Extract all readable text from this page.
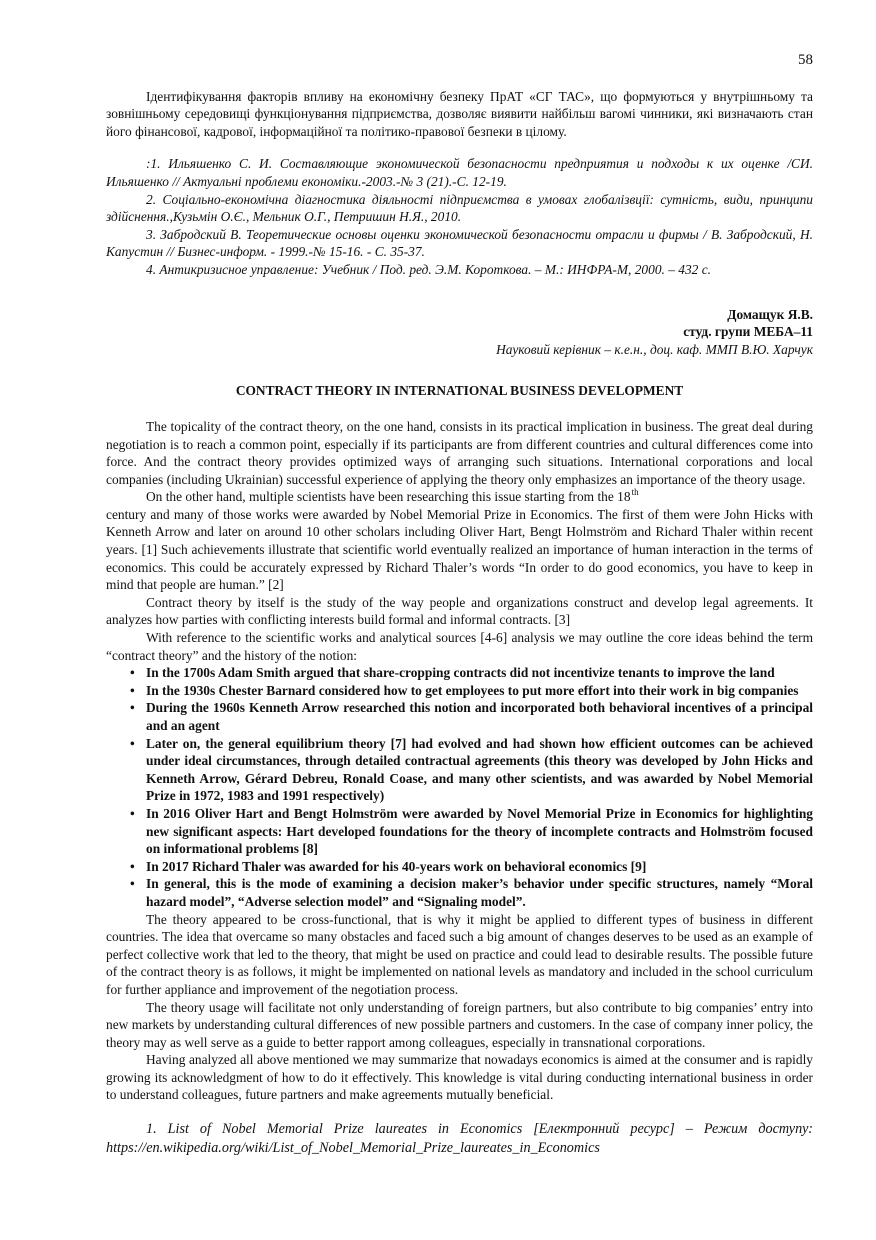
58

Ідентифікування факторів впливу на економічну безпеку ПрАТ «СГ ТАС», що формуються у внутрішньому та зовнішньому середовищі функціонування підприємства, дозволяє виявити найбільш вагомі чинники, які визначають стан його фінансової, кадрової, інформаційної та політико-правової безпеки в цілому.

:1. Ильяшенко С. И. Составляющие экономической безопасности предприятия и подходы к их оценке /СИ. Ильяшенко // Актуальні проблеми економіки.-2003.-№ 3 (21).-С. 12-19.

2. Соціально-економічна діагностика діяльності підприємства в умовах глобалізвції: сутність, види, принципи здійснення.,Кузьмін О.Є., Мельник О.Г., Петришин Н.Я., 2010.

3. Забродский В. Теоретические основы оценки экономической безопасности отрасли и фирмы / В. Забродский, Н. Капустин // Бизнес-информ. - 1999.-№ 15-16. - С. 35-37.

4. Антикризисное управление: Учебник / Под. ред. Э.М. Короткова. – М.: ИНФРА-М, 2000. – 432 с.

Домащук Я.В.
студ. групи МЕБА–11
Науковий керівник – к.е.н., доц. каф. ММП В.Ю. Харчук
CONTRACT THEORY IN INTERNATIONAL BUSINESS DEVELOPMENT

The topicality of the contract theory, on the one hand, consists in its practical implication in business. The great deal during negotiation is to reach a common point, especially if its participants are from different countries and cultural differences come into force. And the contract theory provides optimized ways of arranging such situations. International corporations and local companies (including Ukrainian) successful experience of applying the theory only emphasizes an importance of the theory usage.

On the other hand, multiple scientists have been researching this issue starting from the 18th
century and many of those works were awarded by Nobel Memorial Prize in Economics. The first of them were John Hicks with Kenneth Arrow and later on around 10 other scholars including Oliver Hart, Bengt Holmström and Richard Thaler within recent years. [1] Such achievements illustrate that scientific world eventually realized an importance of human interaction in the terms of economics. This could be accurately expressed by Richard Thaler’s words “In order to do good economics, you have to keep in mind that people are human.” [2]

Contract theory by itself is the study of the way people and organizations construct and develop legal agreements. It analyzes how parties with conflicting interests build formal and informal contracts. [3]

With reference to the scientific works and analytical sources [4-6] analysis we may outline the core ideas behind the term “contract theory” and the history of the notion:

• In the 1700s Adam Smith argued that share-cropping contracts did not incentivize tenants to improve the land
• In the 1930s Chester Barnard considered how to get employees to put more effort into their work in big companies
• During the 1960s Kenneth Arrow researched this notion and incorporated both behavioral incentives of a principal and an agent
• Later on, the general equilibrium theory [7] had evolved and had shown how efficient outcomes can be achieved under ideal circumstances, through detailed contractual agreements (this theory was developed by John Hicks and Kenneth Arrow, Gérard Debreu, Ronald Coase, and many other scientists, and was awarded by Nobel Memorial Prize in 1972, 1983 and 1991 respectively)
• In 2016 Oliver Hart and Bengt Holmström were awarded by Novel Memorial Prize in Economics for highlighting new significant aspects: Hart developed foundations for the theory of incomplete contracts and Holmström focused on informational problems [8]
• In 2017 Richard Thaler was awarded for his 40-years work on behavioral economics [9]
• In general, this is the mode of examining a decision maker’s behavior under specific structures, namely “Moral hazard model”, “Adverse selection model” and “Signaling model”.

The theory appeared to be cross-functional, that is why it might be applied to different types of business in different countries. The idea that overcame so many obstacles and faced such a big amount of changes deserves to be used as an example of perfect collective work that led to the theory, that might be used on practice and could lead to desirable results. The possible future of the contract theory is as follows, it might be implemented on national levels as mandatory and included in the school curriculum for further appliance and improvement of the negotiation process.

The theory usage will facilitate not only understanding of foreign partners, but also contribute to big companies’ entry into new markets by understanding cultural differences of new possible partners and customers. In the case of company inner policy, the theory may as well serve as a guide to better rapport among colleagues, especially in transnational corporations.

Having analyzed all above mentioned we may summarize that nowadays economics is aimed at the consumer and is rapidly growing its acknowledgment of how to do it effectively. This knowledge is vital during conducting international business in order to understand colleagues, future partners and make agreements mutually beneficial.

1. List of Nobel Memorial Prize laureates in Economics [Електронний ресурс] – Режим доступу: https://en.wikipedia.org/wiki/List_of_Nobel_Memorial_Prize_laureates_in_Economics
